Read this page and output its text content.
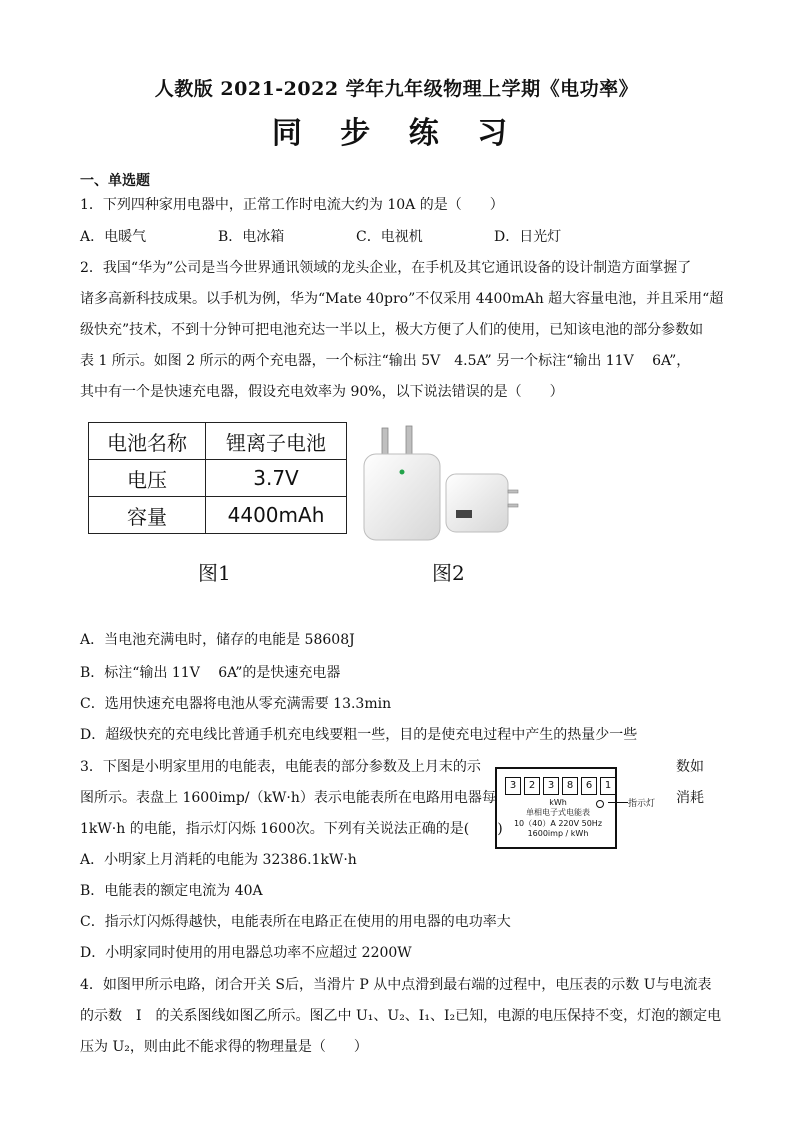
人教版 2021-2022 学年九年级物理上学期《电功率》
同 步 练 习
一、单选题
1．下列四种家用电器中，正常工作时电流大约为 10A 的是（　　）
A．电暖气	B．电冰箱	C．电视机	D．日光灯
2．我国“华为”公司是当今世界通讯领域的龙头企业，在手机及其它通讯设备的设计制造方面掌握了
诸多高新科技成果。以手机为例，华为“Mate 40pro”不仅采用 4400mAh 超大容量电池，并且采用“超
级快充”技术，不到十分钟可把电池充达一半以上，极大方便了人们的使用，已知该电池的部分参数如
表 1 所示。如图 2 所示的两个充电器，一个标注“输出 5V　4.5A” 另一个标注“输出 11V　 6A”，
其中有一个是快速充电器，假设充电效率为 90%，以下说法错误的是（　　）
电池名称	锂离子电池
电压	3.7V
容量	4400mAh
图1	图2
A．当电池充满电时，储存的电能是 58608J
B．标注“输出 11V　 6A”的是快速充电器
C．选用快速充电器将电池从零充满需要 13.3min
D．超级快充的充电线比普通手机充电线要粗一些，目的是使充电过程中产生的热量少一些
3．下图是小明家里用的电能表，电能表的部分参数及上月末的示	数如
图所示。表盘上 1600imp/（kW·h）表示电能表所在电路用电器每	消耗
1kW·h 的电能，指示灯闪烁 1600次。下列有关说法正确的是(　　)
3	2	3	8	6	1
kWh
单相电子式电能表
10（40）A 220V 50Hz
1600imp / kWh
指示灯
A．小明家上月消耗的电能为 32386.1kW·h
B．电能表的额定电流为 40A
C．指示灯闪烁得越快，电能表所在电路正在使用的用电器的电功率大
D．小明家同时使用的用电器总功率不应超过 2200W
4．如图甲所示电路，闭合开关 S后，当滑片 P 从中点滑到最右端的过程中，电压表的示数 U与电流表
的示数　I　的关系图线如图乙所示。图乙中 U₁、U₂、I₁、I₂已知，电源的电压保持不变，灯泡的额定电
压为 U₂，则由此不能求得的物理量是（　　）
